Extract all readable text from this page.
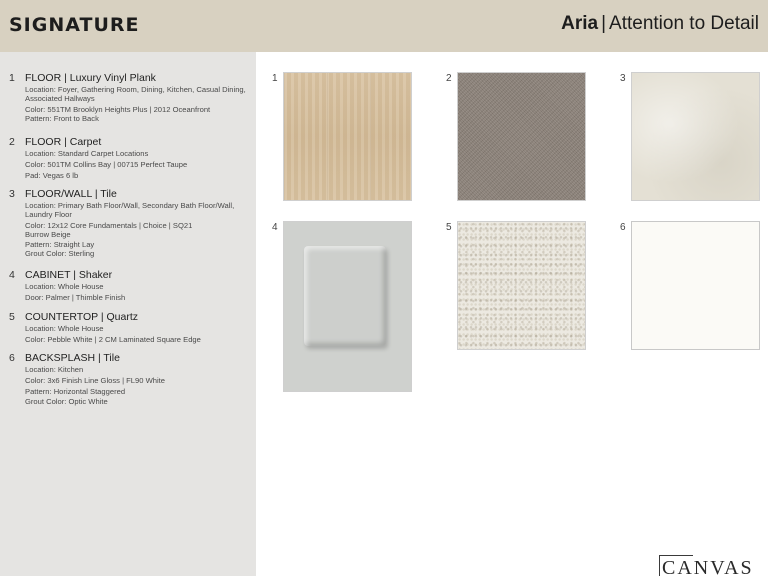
SIGNATURE	Aria | Attention to Detail
1 FLOOR | Luxury Vinyl Plank
Location: Foyer, Gathering Room, Dining, Kitchen, Casual Dining, Associated Hallways
Color: 551TM Brooklyn Heights Plus | 2012 Oceanfront
Pattern: Front to Back
2 FLOOR | Carpet
Location: Standard Carpet Locations
Color: 501TM Collins Bay | 00715 Perfect Taupe
Pad: Vegas 6 lb
3 FLOOR/WALL | Tile
Location: Primary Bath Floor/Wall, Secondary Bath Floor/Wall, Laundry Floor
Color: 12x12 Core Fundamentals | Choice | SQ21 Burrow Beige
Pattern: Straight Lay
Grout Color: Sterling
4 CABINET | Shaker
Location: Whole House
Door: Palmer | Thimble Finish
5 COUNTERTOP | Quartz
Location: Whole House
Color: Pebble White | 2 CM Laminated Square Edge
6 BACKSPLASH | Tile
Location: Kitchen
Color: 3x6 Finish Line Gloss | FL90 White
Pattern: Horizontal Staggered
Grout Color: Optic White
1	2	3
4	5	6
CANVAS
